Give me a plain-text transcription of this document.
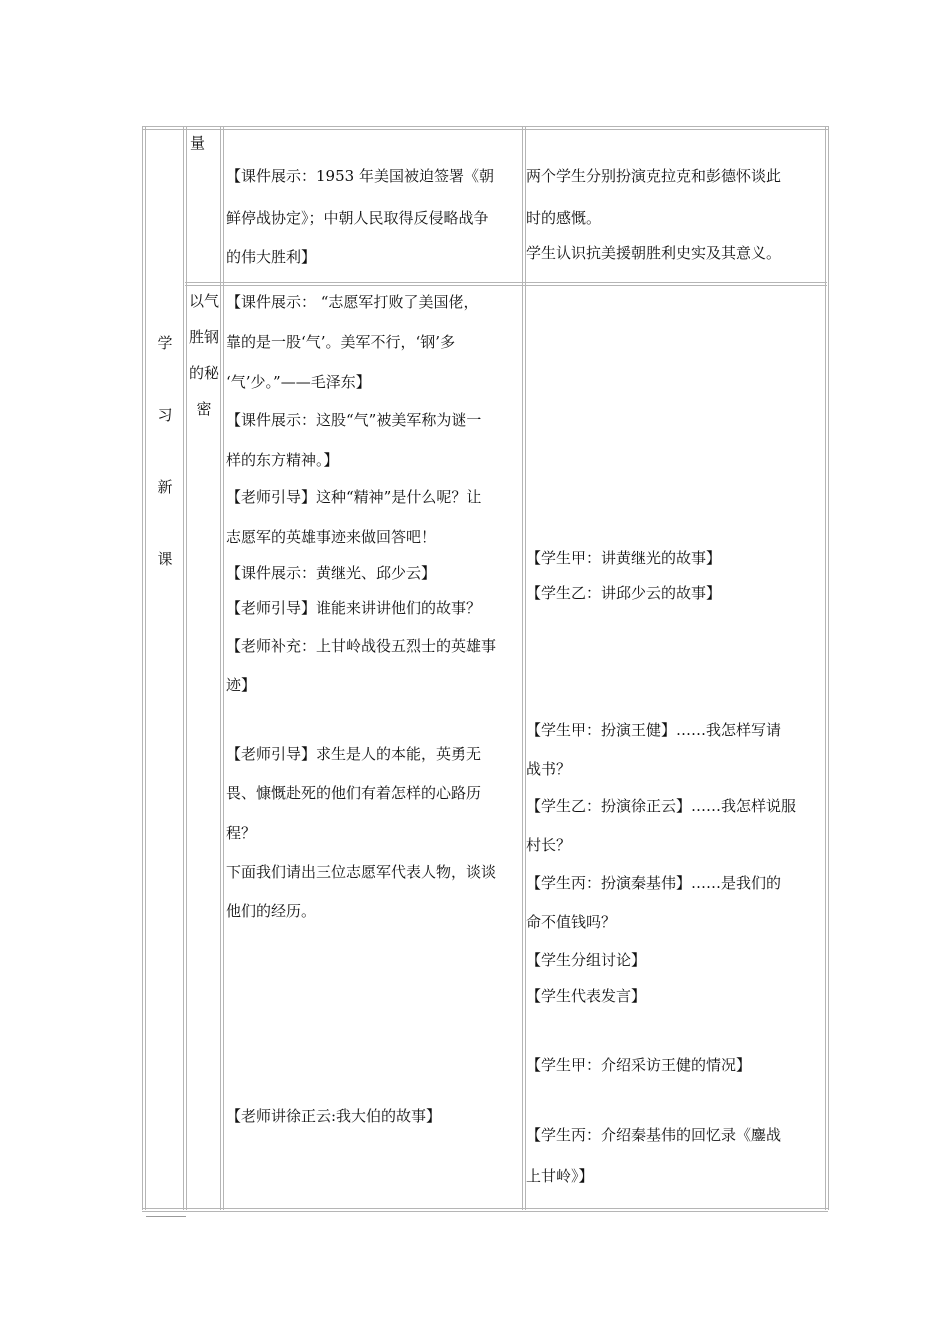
学
习
新
课
量
【课件展示：1953 年美国被迫签署《朝
鲜停战协定》；中朝人民取得反侵略战争
的伟大胜利】
两个学生分别扮演克拉克和彭德怀谈此
时的感慨。
学生认识抗美援朝胜利史实及其意义。
以气
胜钢
的秘
密
【课件展示： “志愿军打败了美国佬，
靠的是一股‘气’。美军不行，‘钢’多
‘气’少。”——毛泽东】
【课件展示：这股“气”被美军称为谜一
样的东方精神。】
【老师引导】这种“精神”是什么呢？让
志愿军的英雄事迹来做回答吧！
【课件展示：黄继光、邱少云】
【老师引导】谁能来讲讲他们的故事？
【老师补充：上甘岭战役五烈士的英雄事
迹】
【老师引导】求生是人的本能，英勇无
畏、慷慨赴死的他们有着怎样的心路历
程？
下面我们请出三位志愿军代表人物，谈谈
他们的经历。
【老师讲徐正云:我大伯的故事】
【学生甲：讲黄继光的故事】
【学生乙：讲邱少云的故事】
【学生甲：扮演王健】……我怎样写请
战书？
【学生乙：扮演徐正云】……我怎样说服
村长？
【学生丙：扮演秦基伟】……是我们的
命不值钱吗？
【学生分组讨论】
【学生代表发言】
【学生甲：介绍采访王健的情况】
【学生丙：介绍秦基伟的回忆录《鏖战
上甘岭》】
